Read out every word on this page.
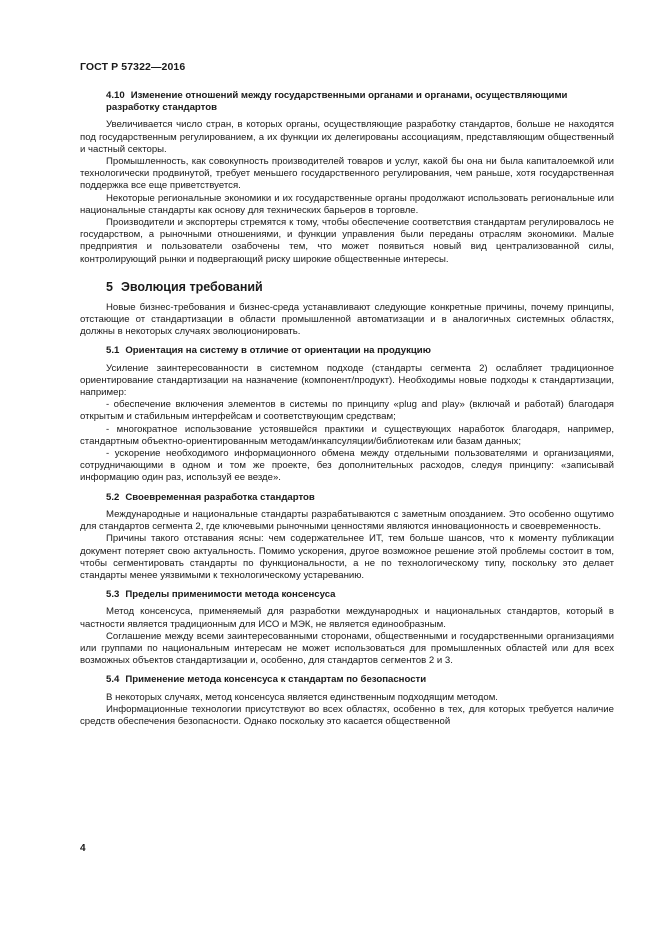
ГОСТ Р 57322—2016

4.10 Изменение отношений между государственными органами и органами, осуществляющими разработку стандартов

Увеличивается число стран, в которых органы, осуществляющие разработку стандартов, больше не находятся под государственным регулированием, а их функции их делегированы ассоциациям, представляющим общественный и частный секторы.

Промышленность, как совокупность производителей товаров и услуг, какой бы она ни была капиталоемкой или технологически продвинутой, требует меньшего государственного регулирования, чем раньше, хотя государственная поддержка все еще приветствуется.

Некоторые региональные экономики и их государственные органы продолжают использовать региональные или национальные стандарты как основу для технических барьеров в торговле.

Производители и экспортеры стремятся к тому, чтобы обеспечение соответствия стандартам регулировалось не государством, а рыночными отношениями, и функции управления были переданы отраслям экономики. Малые предприятия и пользователи озабочены тем, что может появиться новый вид централизованной силы, контролирующий рынки и подвергающий риску широкие общественные интересы.

5 Эволюция требований

Новые бизнес-требования и бизнес-среда устанавливают следующие конкретные причины, почему принципы, отстающие от стандартизации в области промышленной автоматизации и в аналогичных системных областях, должны в некоторых случаях эволюционировать.

5.1 Ориентация на систему в отличие от ориентации на продукцию

Усиление заинтересованности в системном подходе (стандарты сегмента 2) ослабляет традиционное ориентирование стандартизации на назначение (компонент/продукт). Необходимы новые подходы к стандартизации, например:

- обеспечение включения элементов в системы по принципу «plug and play» (включай и работай) благодаря открытым и стабильным интерфейсам и соответствующим средствам;

- многократное использование устоявшейся практики и существующих наработок благодаря, например, стандартным объектно-ориентированным методам/инкапсуляции/библиотекам или базам данных;

- ускорение необходимого информационного обмена между отдельными пользователями и организациями, сотрудничающими в одном и том же проекте, без дополнительных расходов, следуя принципу: «записывай информацию один раз, используй ее везде».

5.2 Своевременная разработка стандартов

Международные и национальные стандарты разрабатываются с заметным опозданием. Это особенно ощутимо для стандартов сегмента 2, где ключевыми рыночными ценностями являются инновационность и своевременность.

Причины такого отставания ясны: чем содержательнее ИТ, тем больше шансов, что к моменту публикации документ потеряет свою актуальность. Помимо ускорения, другое возможное решение этой проблемы состоит в том, чтобы сегментировать стандарты по функциональности, а не по технологическому типу, поскольку это делает стандарты менее уязвимыми к технологическому устареванию.

5.3 Пределы применимости метода консенсуса

Метод консенсуса, применяемый для разработки международных и национальных стандартов, который в частности является традиционным для ИСО и МЭК, не является единообразным.

Соглашение между всеми заинтересованными сторонами, общественными и государственными организациями или группами по национальным интересам не может использоваться для промышленных областей или для всех возможных объектов стандартизации и, особенно, для стандартов сегментов 2 и 3.

5.4 Применение метода консенсуса к стандартам по безопасности

В некоторых случаях, метод консенсуса является единственным подходящим методом.

Информационные технологии присутствуют во всех областях, особенно в тех, для которых требуется наличие средств обеспечения безопасности. Однако поскольку это касается общественной

4
